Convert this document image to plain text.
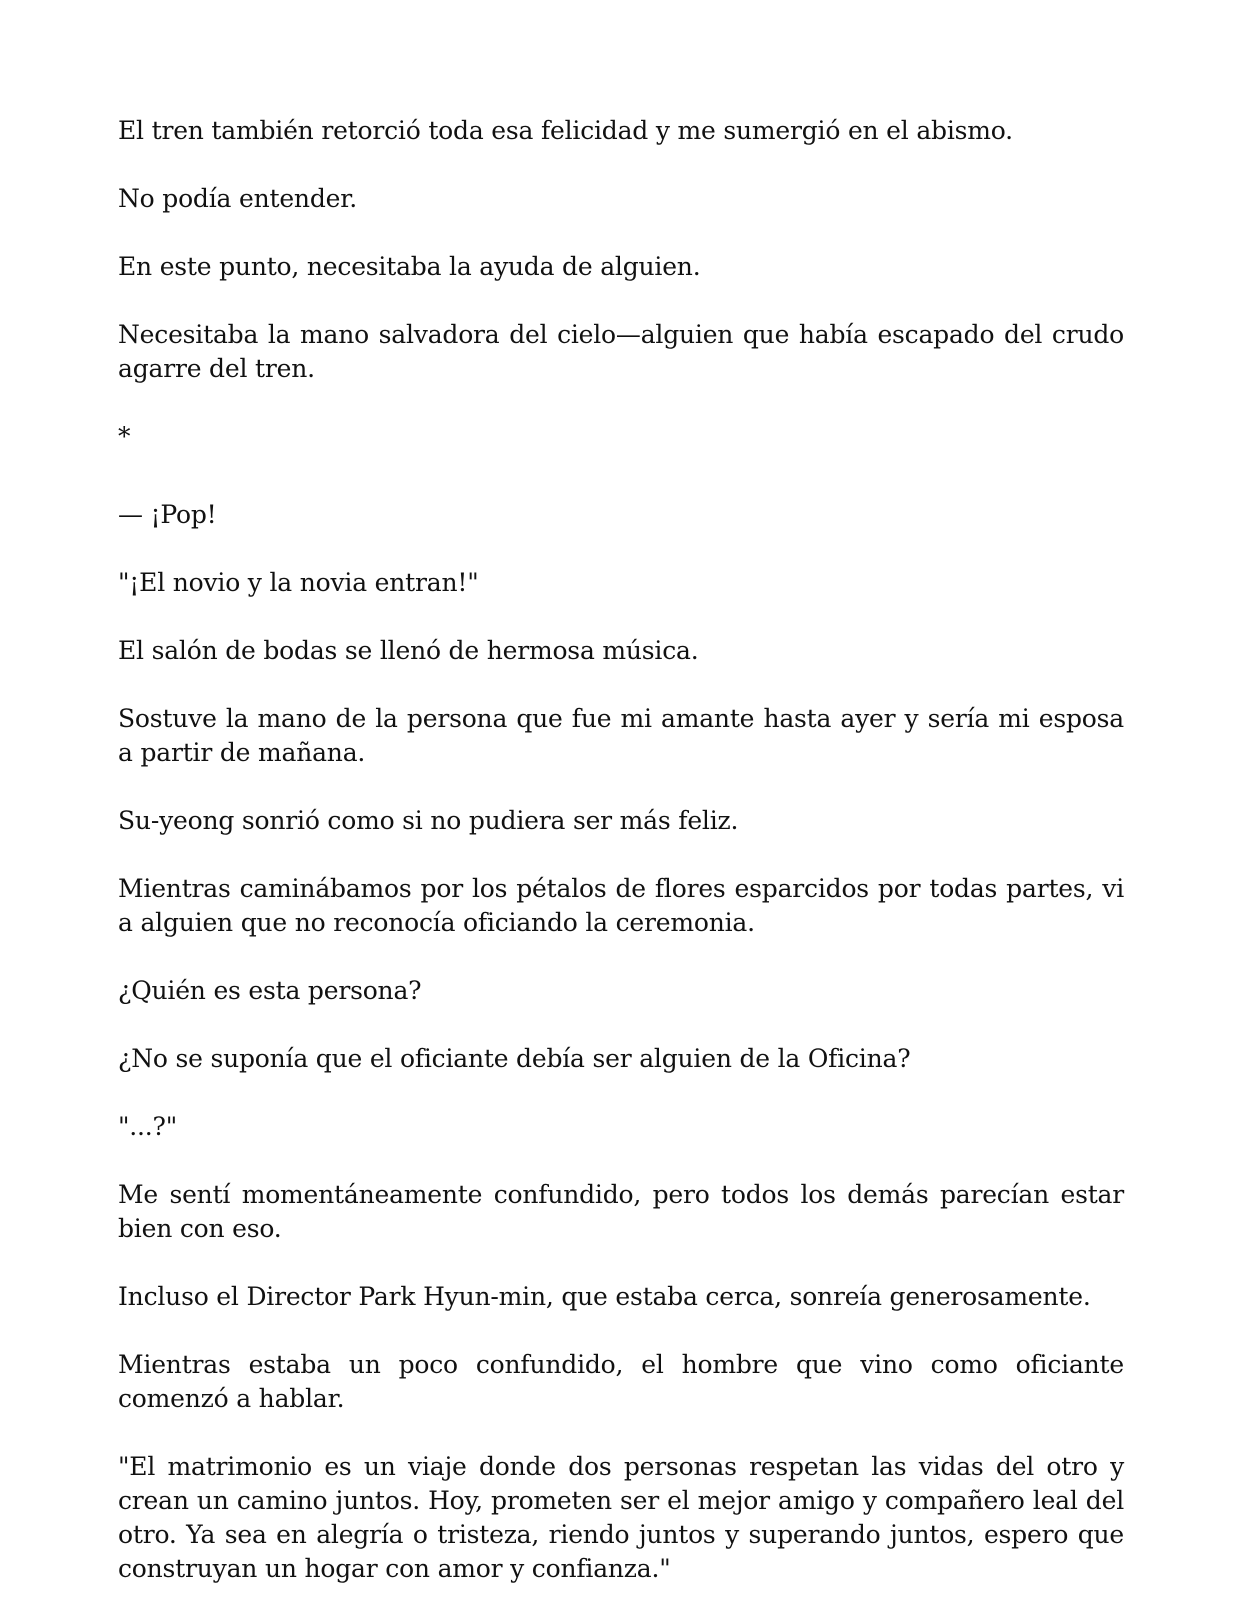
El tren también retorció toda esa felicidad y me sumergió en el abismo.

No podía entender.

En este punto, necesitaba la ayuda de alguien.

Necesitaba la mano salvadora del cielo—alguien que había escapado del crudo agarre del tren.

*

— ¡Pop!

"¡El novio y la novia entran!"

El salón de bodas se llenó de hermosa música.

Sostuve la mano de la persona que fue mi amante hasta ayer y sería mi esposa a partir de mañana.

Su-yeong sonrió como si no pudiera ser más feliz.

Mientras caminábamos por los pétalos de flores esparcidos por todas partes, vi a alguien que no reconocía oficiando la ceremonia.

¿Quién es esta persona?

¿No se suponía que el oficiante debía ser alguien de la Oficina?

"...?"

Me sentí momentáneamente confundido, pero todos los demás parecían estar bien con eso.

Incluso el Director Park Hyun-min, que estaba cerca, sonreía generosamente.

Mientras estaba un poco confundido, el hombre que vino como oficiante comenzó a hablar.

"El matrimonio es un viaje donde dos personas respetan las vidas del otro y crean un camino juntos. Hoy, prometen ser el mejor amigo y compañero leal del otro. Ya sea en alegría o tristeza, riendo juntos y superando juntos, espero que construyan un hogar con amor y confianza."
